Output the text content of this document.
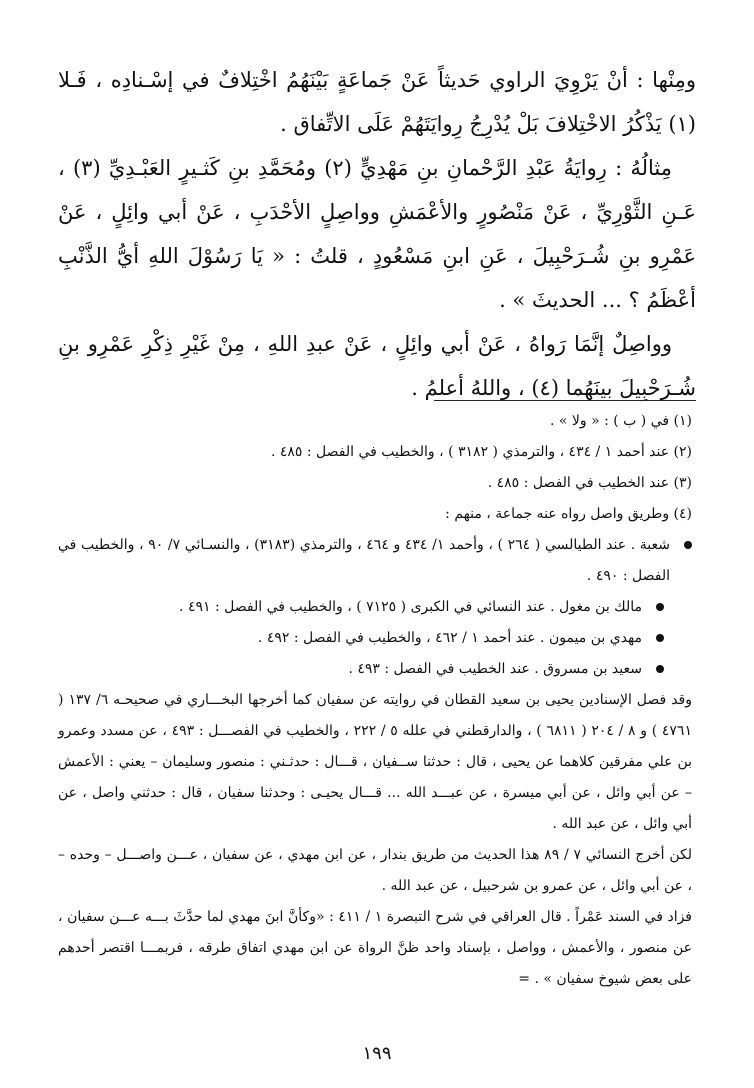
ومِنْها : أنْ يَرْوِيَ الراوي حَديثاً عَنْ جَماعَةٍ بَيْنَهُمُ اخْتِلافٌ في إسْـنادِه ، فَـلا (١) يَذْكُرُ الاخْتِلافَ بَلْ يُدْرِجُ رِوايَتَهُمْ عَلَى الاتِّفاق .

مِثالُهُ : رِوايَةُ عَبْدِ الرَّحْمانِ بنِ مَهْدِيٍّ (٢) ومُحَمَّدِ بنِ كَثـيرٍ العَبْـدِيِّ (٣) ، عَـنِ الثَّوْرِيِّ ، عَنْ مَنْصُورٍ والأعْمَشِ وواصِلٍ الأحْدَبِ ، عَنْ أبي وائِلٍ ، عَنْ عَمْرِو بنِ شُـرَحْبِيلَ ، عَنِ ابنِ مَسْعُودٍ ، قلتُ : « يَا رَسُوْلَ اللهِ أيُّ الذَّنْبِ أعْظَمُ ؟ ... الحديثَ » .

وواصِلٌ إنَّمَا رَواهُ ، عَنْ أبي وائِلٍ ، عَنْ عبدِ اللهِ ، مِنْ غَيْرِ ذِكْرِ عَمْرِو بنِ شُـرَحْبِيلَ بينَهُما (٤) ، واللهُ أعلمُ .

(١) في ( ب ) : « ولا » .

(٢) عند أحمد ١ / ٤٣٤ ، والترمذي ( ٣١٨٢ ) ، والخطيب في الفصل : ٤٨٥ .

(٣) عند الخطيب في الفصل : ٤٨٥ .

(٤) وطريق واصل رواه عنه جماعة ، منهم :

شعبة . عند الطيالسي ( ٢٦٤ ) ، وأحمد ١/ ٤٣٤ و ٤٦٤ ، والترمذي (٣١٨٣) ، والنسـائي ٧/ ٩٠ ، والخطيب في الفصل : ٤٩٠ .
مالك بن مغول . عند النسائي في الكبرى ( ٧١٢٥ ) ، والخطيب في الفصل : ٤٩١ .
مهدي بن ميمون . عند أحمد ١ / ٤٦٢ ، والخطيب في الفصل : ٤٩٢ .
سعيد بن مسروق . عند الخطيب في الفصل : ٤٩٣ .

وقد فصل الإسنادين يحيى بن سعيد القطان في روايته عن سفيان كما أخرجها البخـــاري في صحيحـه ٦/ ١٣٧ ( ٤٧٦١ ) و ٨ / ٢٠٤ ( ٦٨١١ ) ، والدارقطني في علله ٥ / ٢٢٢ ، والخطيب في الفصـــل : ٤٩٣ ، عن مسدد وعمرو بن علي مفرقين كلاهما عن يحيى ، قال : حدثنا ســفيان ، قـــال : حدثـني : منصور وسليمان – يعني : الأعمش – عن أبي وائل ، عن أبي ميسرة ، عن عبـــد الله ... قـــال يحيـى : وحدثنا سفيان ، قال : حدثني واصل ، عن أبي وائل ، عن عبد الله .

لكن أخرج النسائي ٧ / ٨٩ هذا الحديث من طريق بندار ، عن ابن مهدي ، عن سفيان ، عـــن واصـــل – وحده – ، عن أبي وائل ، عن عمرو بن شرحبيل ، عن عبد الله .

فزاد في السند عَمْراً . قال العراقي في شرح التبصرة ١ / ٤١١ : «وكأنَّ ابنَ مهدي لما حدَّثَ بـــه عـــن سفيان ، عن منصور ، والأعمش ، وواصل ، بإسناد واحد ظنَّ الرواة عن ابن مهدي اتفاق طرقه ، فربمـــا اقتصر أحدهم على بعض شيوخ سفيان » . =

١٩٩
